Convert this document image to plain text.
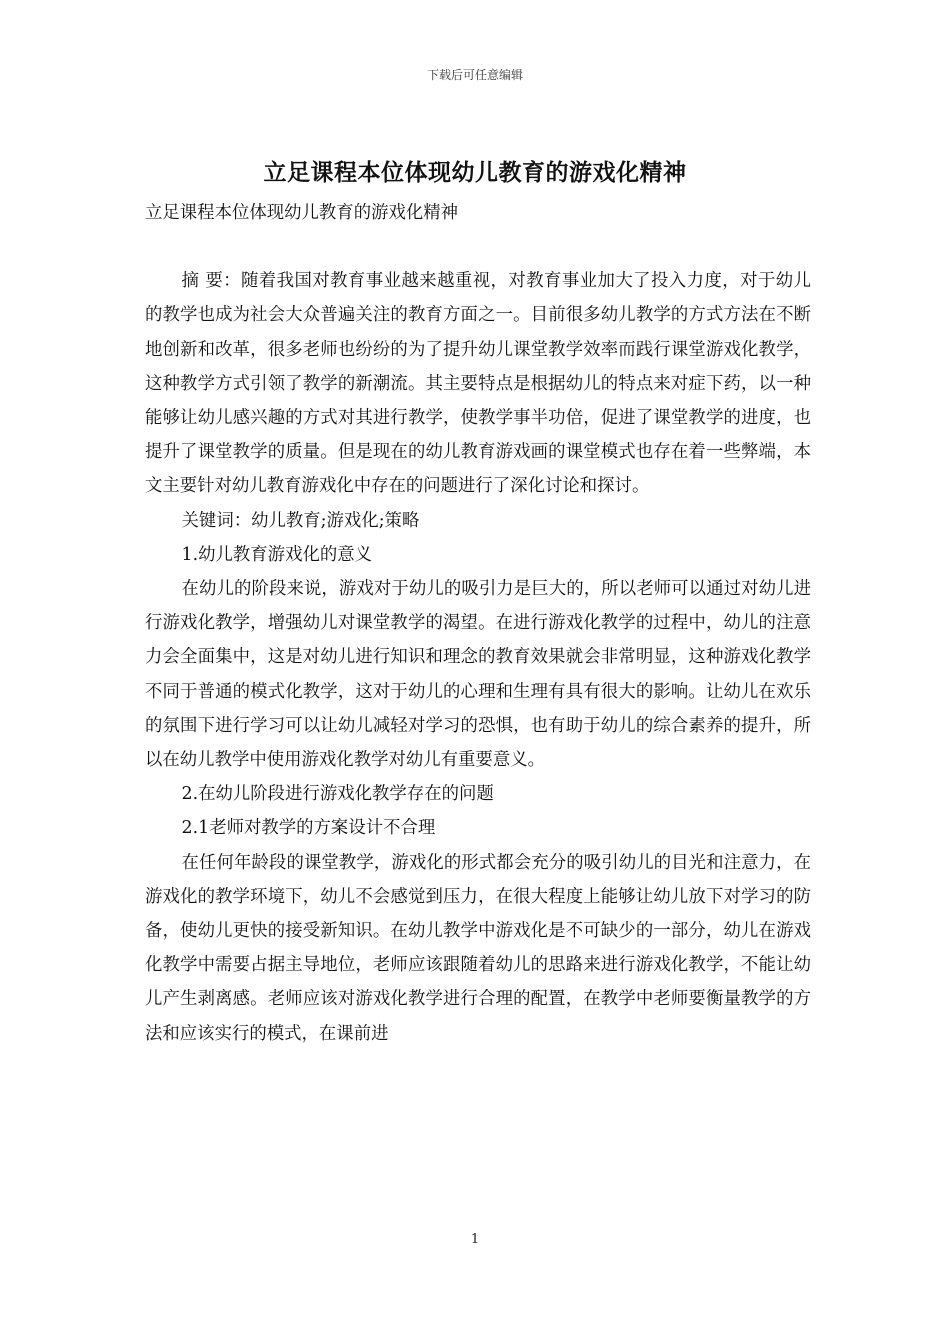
下载后可任意编辑
立足课程本位体现幼儿教育的游戏化精神

立足课程本位体现幼儿教育的游戏化精神

摘 要：随着我国对教育事业越来越重视，对教育事业加大了投入力度，对于幼儿的教学也成为社会大众普遍关注的教育方面之一。目前很多幼儿教学的方式方法在不断地创新和改革，很多老师也纷纷的为了提升幼儿课堂教学效率而践行课堂游戏化教学，这种教学方式引领了教学的新潮流。其主要特点是根据幼儿的特点来对症下药，以一种能够让幼儿感兴趣的方式对其进行教学，使教学事半功倍，促进了课堂教学的进度，也提升了课堂教学的质量。但是现在的幼儿教育游戏画的课堂模式也存在着一些弊端，本文主要针对幼儿教育游戏化中存在的问题进行了深化讨论和探讨。

关键词：幼儿教育;游戏化;策略

1.幼儿教育游戏化的意义

在幼儿的阶段来说，游戏对于幼儿的吸引力是巨大的，所以老师可以通过对幼儿进行游戏化教学，增强幼儿对课堂教学的渴望。在进行游戏化教学的过程中，幼儿的注意力会全面集中，这是对幼儿进行知识和理念的教育效果就会非常明显，这种游戏化教学不同于普通的模式化教学，这对于幼儿的心理和生理有具有很大的影响。让幼儿在欢乐的氛围下进行学习可以让幼儿减轻对学习的恐惧，也有助于幼儿的综合素养的提升，所以在幼儿教学中使用游戏化教学对幼儿有重要意义。

2.在幼儿阶段进行游戏化教学存在的问题

2.1老师对教学的方案设计不合理

在任何年龄段的课堂教学，游戏化的形式都会充分的吸引幼儿的目光和注意力，在游戏化的教学环境下，幼儿不会感觉到压力，在很大程度上能够让幼儿放下对学习的防备，使幼儿更快的接受新知识。在幼儿教学中游戏化是不可缺少的一部分，幼儿在游戏化教学中需要占据主导地位，老师应该跟随着幼儿的思路来进行游戏化教学，不能让幼儿产生剥离感。老师应该对游戏化教学进行合理的配置，在教学中老师要衡量教学的方法和应该实行的模式，在课前进

1
